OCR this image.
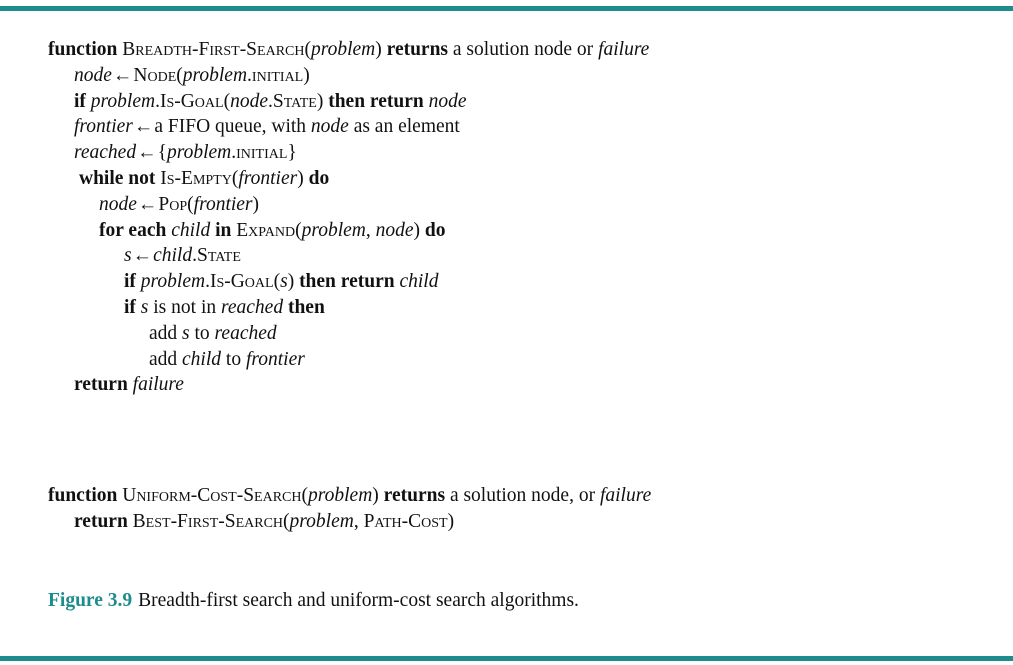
function Breadth-First-Search(problem) returns a solution node or failure
node←Node(problem.initial)
if problem.Is-Goal(node.State) then return node
frontier←a FIFO queue, with node as an element
reached←{problem.initial}
while not Is-Empty(frontier) do
node←Pop(frontier)
for each child in Expand(problem, node) do
s←child.State
if problem.Is-Goal(s) then return child
if s is not in reached then
add s to reached
add child to frontier
return failure
function Uniform-Cost-Search(problem) returns a solution node, or failure
return Best-First-Search(problem, Path-Cost)
Figure 3.9 Breadth-first search and uniform-cost search algorithms.
